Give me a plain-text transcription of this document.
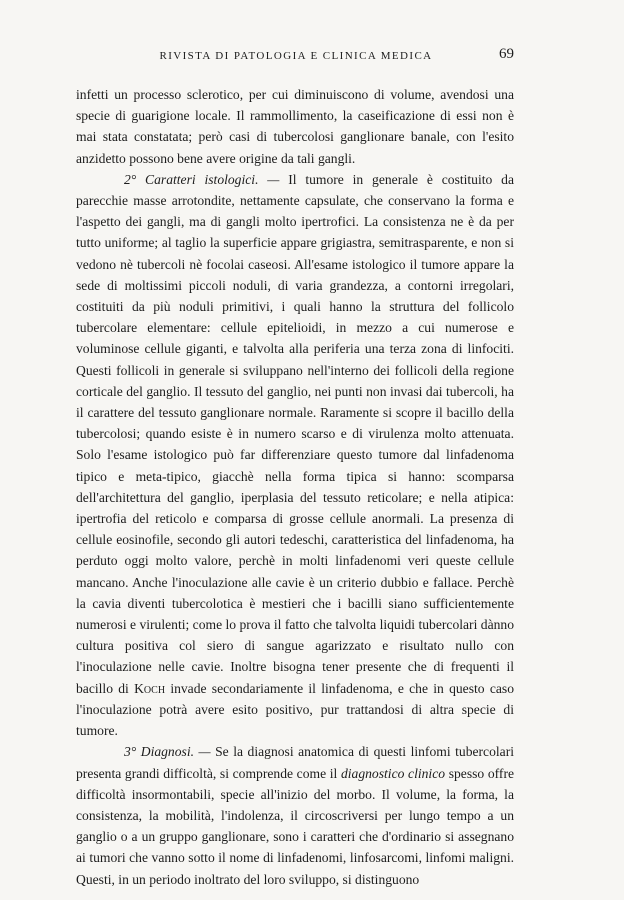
RIVISTA DI PATOLOGIA E CLINICA MEDICA	69

infetti un processo sclerotico, per cui diminuiscono di volume, avendosi una specie di guarigione locale. Il rammollimento, la caseificazione di essi non è mai stata constatata; però casi di tubercolosi ganglionare banale, con l'esito anzidetto possono bene avere origine da tali gangli.

2° Caratteri istologici. — Il tumore in generale è costituito da parecchie masse arrotondite, nettamente capsulate, che conservano la forma e l'aspetto dei gangli, ma di gangli molto ipertrofici. La consistenza ne è da per tutto uniforme; al taglio la superficie appare grigiastra, semitrasparente, e non si vedono nè tubercoli nè focolai caseosi. All'esame istologico il tumore appare la sede di moltissimi piccoli noduli, di varia grandezza, a contorni irregolari, costituiti da più noduli primitivi, i quali hanno la struttura del follicolo tubercolare elementare: cellule epitelioidi, in mezzo a cui numerose e voluminose cellule giganti, e talvolta alla periferia una terza zona di linfociti. Questi follicoli in generale si sviluppano nell'interno dei follicoli della regione corticale del ganglio. Il tessuto del ganglio, nei punti non invasi dai tubercoli, ha il carattere del tessuto ganglionare normale. Raramente si scopre il bacillo della tubercolosi; quando esiste è in numero scarso e di virulenza molto attenuata. Solo l'esame istologico può far differenziare questo tumore dal linfadenoma tipico e meta-tipico, giacchè nella forma tipica si hanno: scomparsa dell'architettura del ganglio, iperplasia del tessuto reticolare; e nella atipica: ipertrofia del reticolo e comparsa di grosse cellule anormali. La presenza di cellule eosinofile, secondo gli autori tedeschi, caratteristica del linfadenoma, ha perduto oggi molto valore, perchè in molti linfadenomi veri queste cellule mancano. Anche l'inoculazione alle cavie è un criterio dubbio e fallace. Perchè la cavia diventi tubercolotica è mestieri che i bacilli siano sufficientemente numerosi e virulenti; come lo prova il fatto che talvolta liquidi tubercolari dànno cultura positiva col siero di sangue agarizzato e risultato nullo con l'inoculazione nelle cavie. Inoltre bisogna tener presente che di frequenti il bacillo di Koch invade secondariamente il linfadenoma, e che in questo caso l'inoculazione potrà avere esito positivo, pur trattandosi di altra specie di tumore.

3° Diagnosi. — Se la diagnosi anatomica di questi linfomi tubercolari presenta grandi difficoltà, si comprende come il diagnostico clinico spesso offre difficoltà insormontabili, specie all'inizio del morbo. Il volume, la forma, la consistenza, la mobilità, l'indolenza, il circoscriversi per lungo tempo a un ganglio o a un gruppo ganglionare, sono i caratteri che d'ordinario si assegnano ai tumori che vanno sotto il nome di linfadenomi, linfosarcomi, linfomi maligni. Questi, in un periodo inoltrato del loro sviluppo, si distinguono
